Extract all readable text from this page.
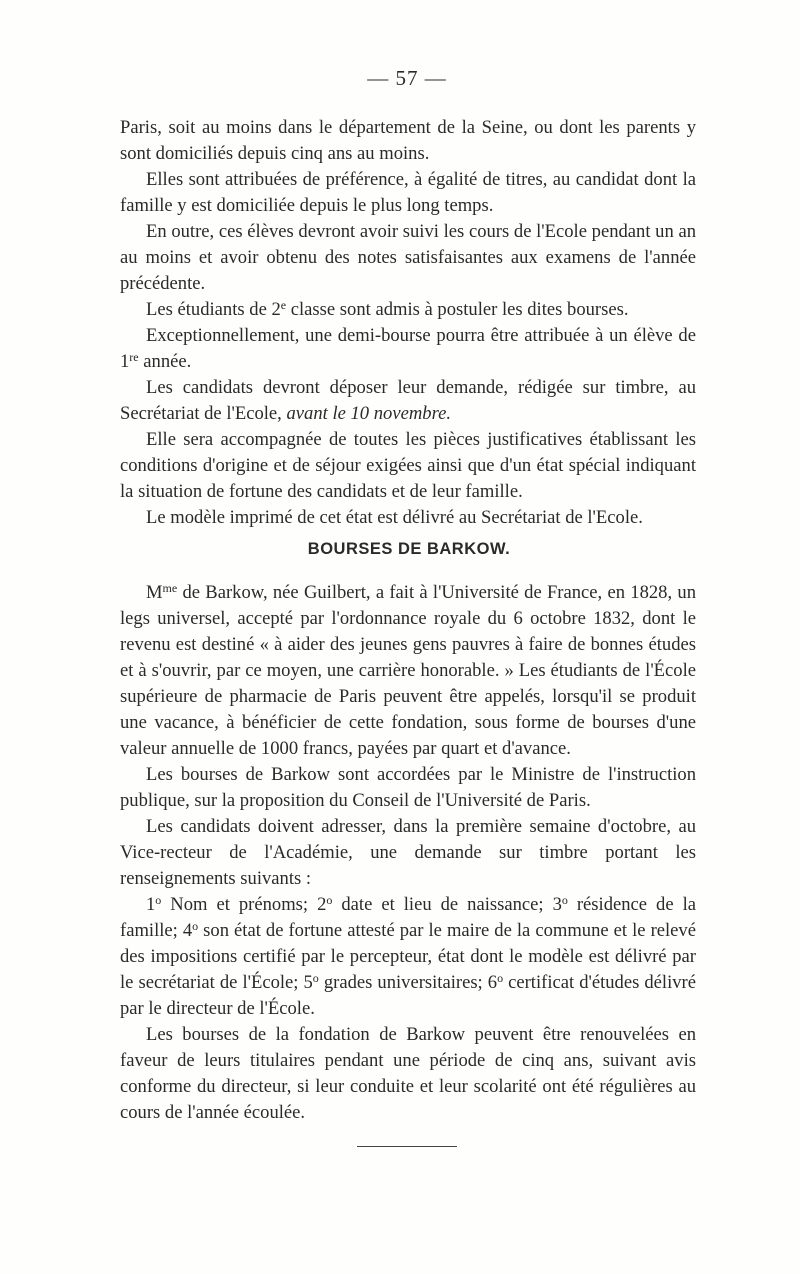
— 57 —

Paris, soit au moins dans le département de la Seine, ou dont les parents y sont domiciliés depuis cinq ans au moins.

Elles sont attribuées de préférence, à égalité de titres, au candidat dont la famille y est domiciliée depuis le plus long temps.

En outre, ces élèves devront avoir suivi les cours de l'Ecole pendant un an au moins et avoir obtenu des notes satisfaisantes aux examens de l'année précédente.

Les étudiants de 2e classe sont admis à postuler les dites bourses.

Exceptionnellement, une demi-bourse pourra être attribuée à un élève de 1re année.

Les candidats devront déposer leur demande, rédigée sur timbre, au Secrétariat de l'Ecole, avant le 10 novembre.

Elle sera accompagnée de toutes les pièces justificatives établissant les conditions d'origine et de séjour exigées ainsi que d'un état spécial indiquant la situation de fortune des candidats et de leur famille.

Le modèle imprimé de cet état est délivré au Secrétariat de l'Ecole.

BOURSES DE BARKOW.

$M^{me}$ de Barkow, née Guilbert, a fait à l'Université de France, en 1828, un legs universel, accepté par l'ordonnance royale du 6 octobre 1832, dont le revenu est destiné « à aider des jeunes gens pauvres à faire de bonnes études et à s'ouvrir, par ce moyen, une carrière honorable. » Les étudiants de l'École supérieure de pharmacie de Paris peuvent être appelés, lorsqu'il se produit une vacance, à bénéficier de cette fondation, sous forme de bourses d'une valeur annuelle de 1000 francs, payées par quart et d'avance.

Les bourses de Barkow sont accordées par le Ministre de l'instruction publique, sur la proposition du Conseil de l'Université de Paris.

Les candidats doivent adresser, dans la première semaine d'octobre, au Vice-recteur de l'Académie, une demande sur timbre portant les renseignements suivants :

1$^o$ Nom et prénoms; 2$^o$ date et lieu de naissance; 3$^o$ résidence de la famille; 4$^o$ son état de fortune attesté par le maire de la commune et le relevé des impositions certifié par le percepteur, état dont le modèle est délivré par le secrétariat de l'École; 5$^o$ grades universitaires; 6$^o$ certificat d'études délivré par le directeur de l'École.

Les bourses de la fondation de Barkow peuvent être renouvelées en faveur de leurs titulaires pendant une période de cinq ans, suivant avis conforme du directeur, si leur conduite et leur scolarité ont été régulières au cours de l'année écoulée.
